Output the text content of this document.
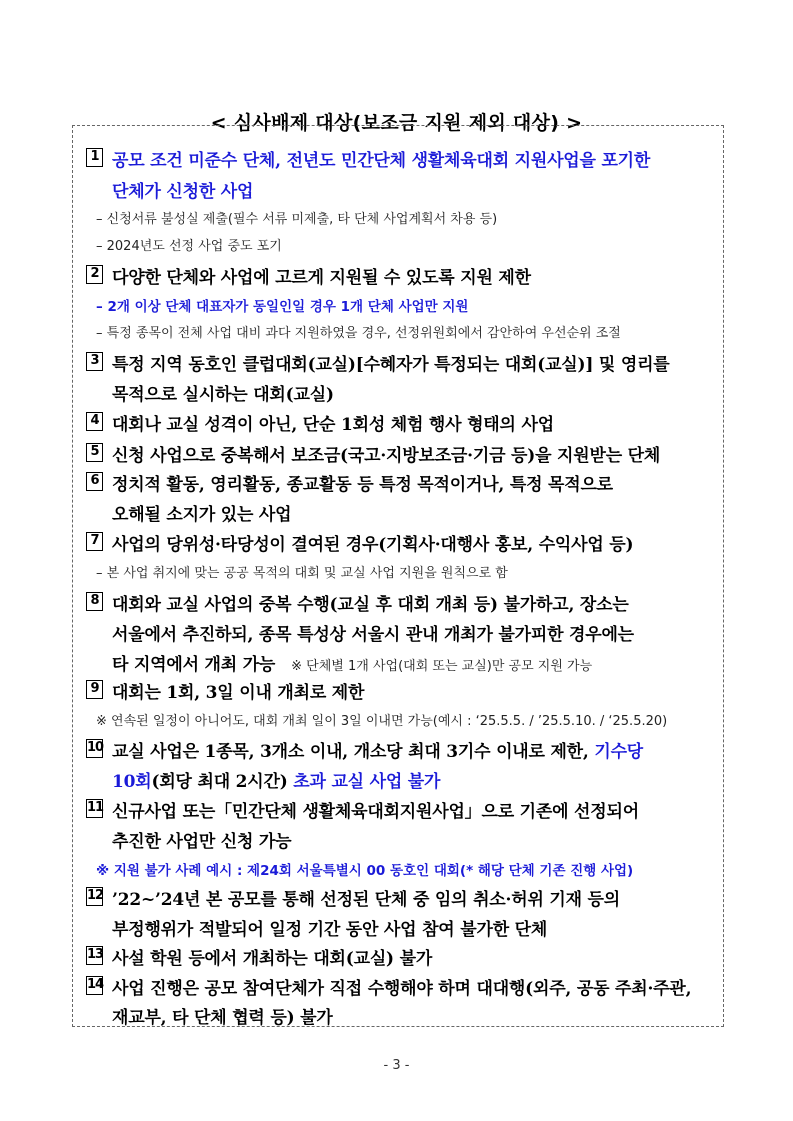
< 심사배제 대상(보조금 지원 제외 대상) >
1 공모 조건 미준수 단체, 전년도 민간단체 생활체육대회 지원사업을 포기한
단체가 신청한 사업
– 신청서류 불성실 제출(필수 서류 미제출, 타 단체 사업계획서 차용 등)
– 2024년도 선정 사업 중도 포기
2 다양한 단체와 사업에 고르게 지원될 수 있도록 지원 제한
– 2개 이상 단체 대표자가 동일인일 경우 1개 단체 사업만 지원
– 특정 종목이 전체 사업 대비 과다 지원하였을 경우, 선정위원회에서 감안하여 우선순위 조절
3 특정 지역 동호인 클럽대회(교실)[수혜자가 특정되는 대회(교실)] 및 영리를
목적으로 실시하는 대회(교실)
4 대회나 교실 성격이 아닌, 단순 1회성 체험 행사 형태의 사업
5 신청 사업으로 중복해서 보조금(국고·지방보조금·기금 등)을 지원받는 단체
6 정치적 활동, 영리활동, 종교활동 등 특정 목적이거나, 특정 목적으로
오해될 소지가 있는 사업
7 사업의 당위성·타당성이 결여된 경우(기획사·대행사 홍보, 수익사업 등)
– 본 사업 취지에 맞는 공공 목적의 대회 및 교실 사업 지원을 원칙으로 함
8 대회와 교실 사업의 중복 수행(교실 후 대회 개최 등) 불가하고, 장소는
서울에서 추진하되, 종목 특성상 서울시 관내 개최가 불가피한 경우에는
타 지역에서 개최 가능 ※ 단체별 1개 사업(대회 또는 교실)만 공모 지원 가능
9 대회는 1회, 3일 이내 개최로 제한
※ 연속된 일정이 아니어도, 대회 개최 일이 3일 이내면 가능(예시 : ‘25.5.5. / ’25.5.10. / ‘25.5.20)
10 교실 사업은 1종목, 3개소 이내, 개소당 최대 3기수 이내로 제한, 기수당
10회(회당 최대 2시간) 초과 교실 사업 불가
11 신규사업 또는「민간단체 생활체육대회지원사업」으로 기존에 선정되어
추진한 사업만 신청 가능
※ 지원 불가 사례 예시 : 제24회 서울특별시 00 동호인 대회(* 해당 단체 기존 진행 사업)
12 ’22~’24년 본 공모를 통해 선정된 단체 중 임의 취소·허위 기재 등의
부정행위가 적발되어 일정 기간 동안 사업 참여 불가한 단체
13 사설 학원 등에서 개최하는 대회(교실) 불가
14 사업 진행은 공모 참여단체가 직접 수행해야 하며 대대행(외주, 공동 주최·주관,
재교부, 타 단체 협력 등) 불가
- 3 -
